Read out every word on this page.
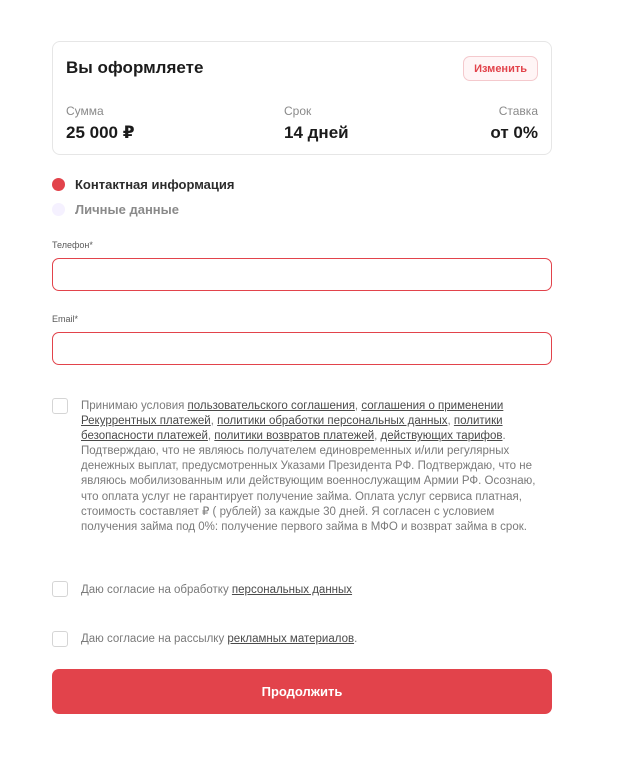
Вы оформляете	Изменить
Сумма
25 000 ₽
Срок
14 дней
Ставка
от 0%
Контактная информация
Личные данные
Телефон*
Email*
Принимаю условия пользовательского соглашения, соглашения о применении Рекуррентных платежей, политики обработки персональных данных, политики безопасности платежей, политики возвратов платежей, действующих тарифов. Подтверждаю, что не являюсь получателем единовременных и/или регулярных денежных выплат, предусмотренных Указами Президента РФ. Подтверждаю, что не являюсь мобилизованным или действующим военнослужащим Армии РФ. Осознаю, что оплата услуг не гарантирует получение займа. Оплата услуг сервиса платная, стоимость составляет ₽ ( рублей) за каждые 30 дней. Я согласен с условием получения займа под 0%: получение первого займа в МФО и возврат займа в срок.
Даю согласие на обработку персональных данных
Даю согласие на рассылку рекламных материалов.
Продолжить
